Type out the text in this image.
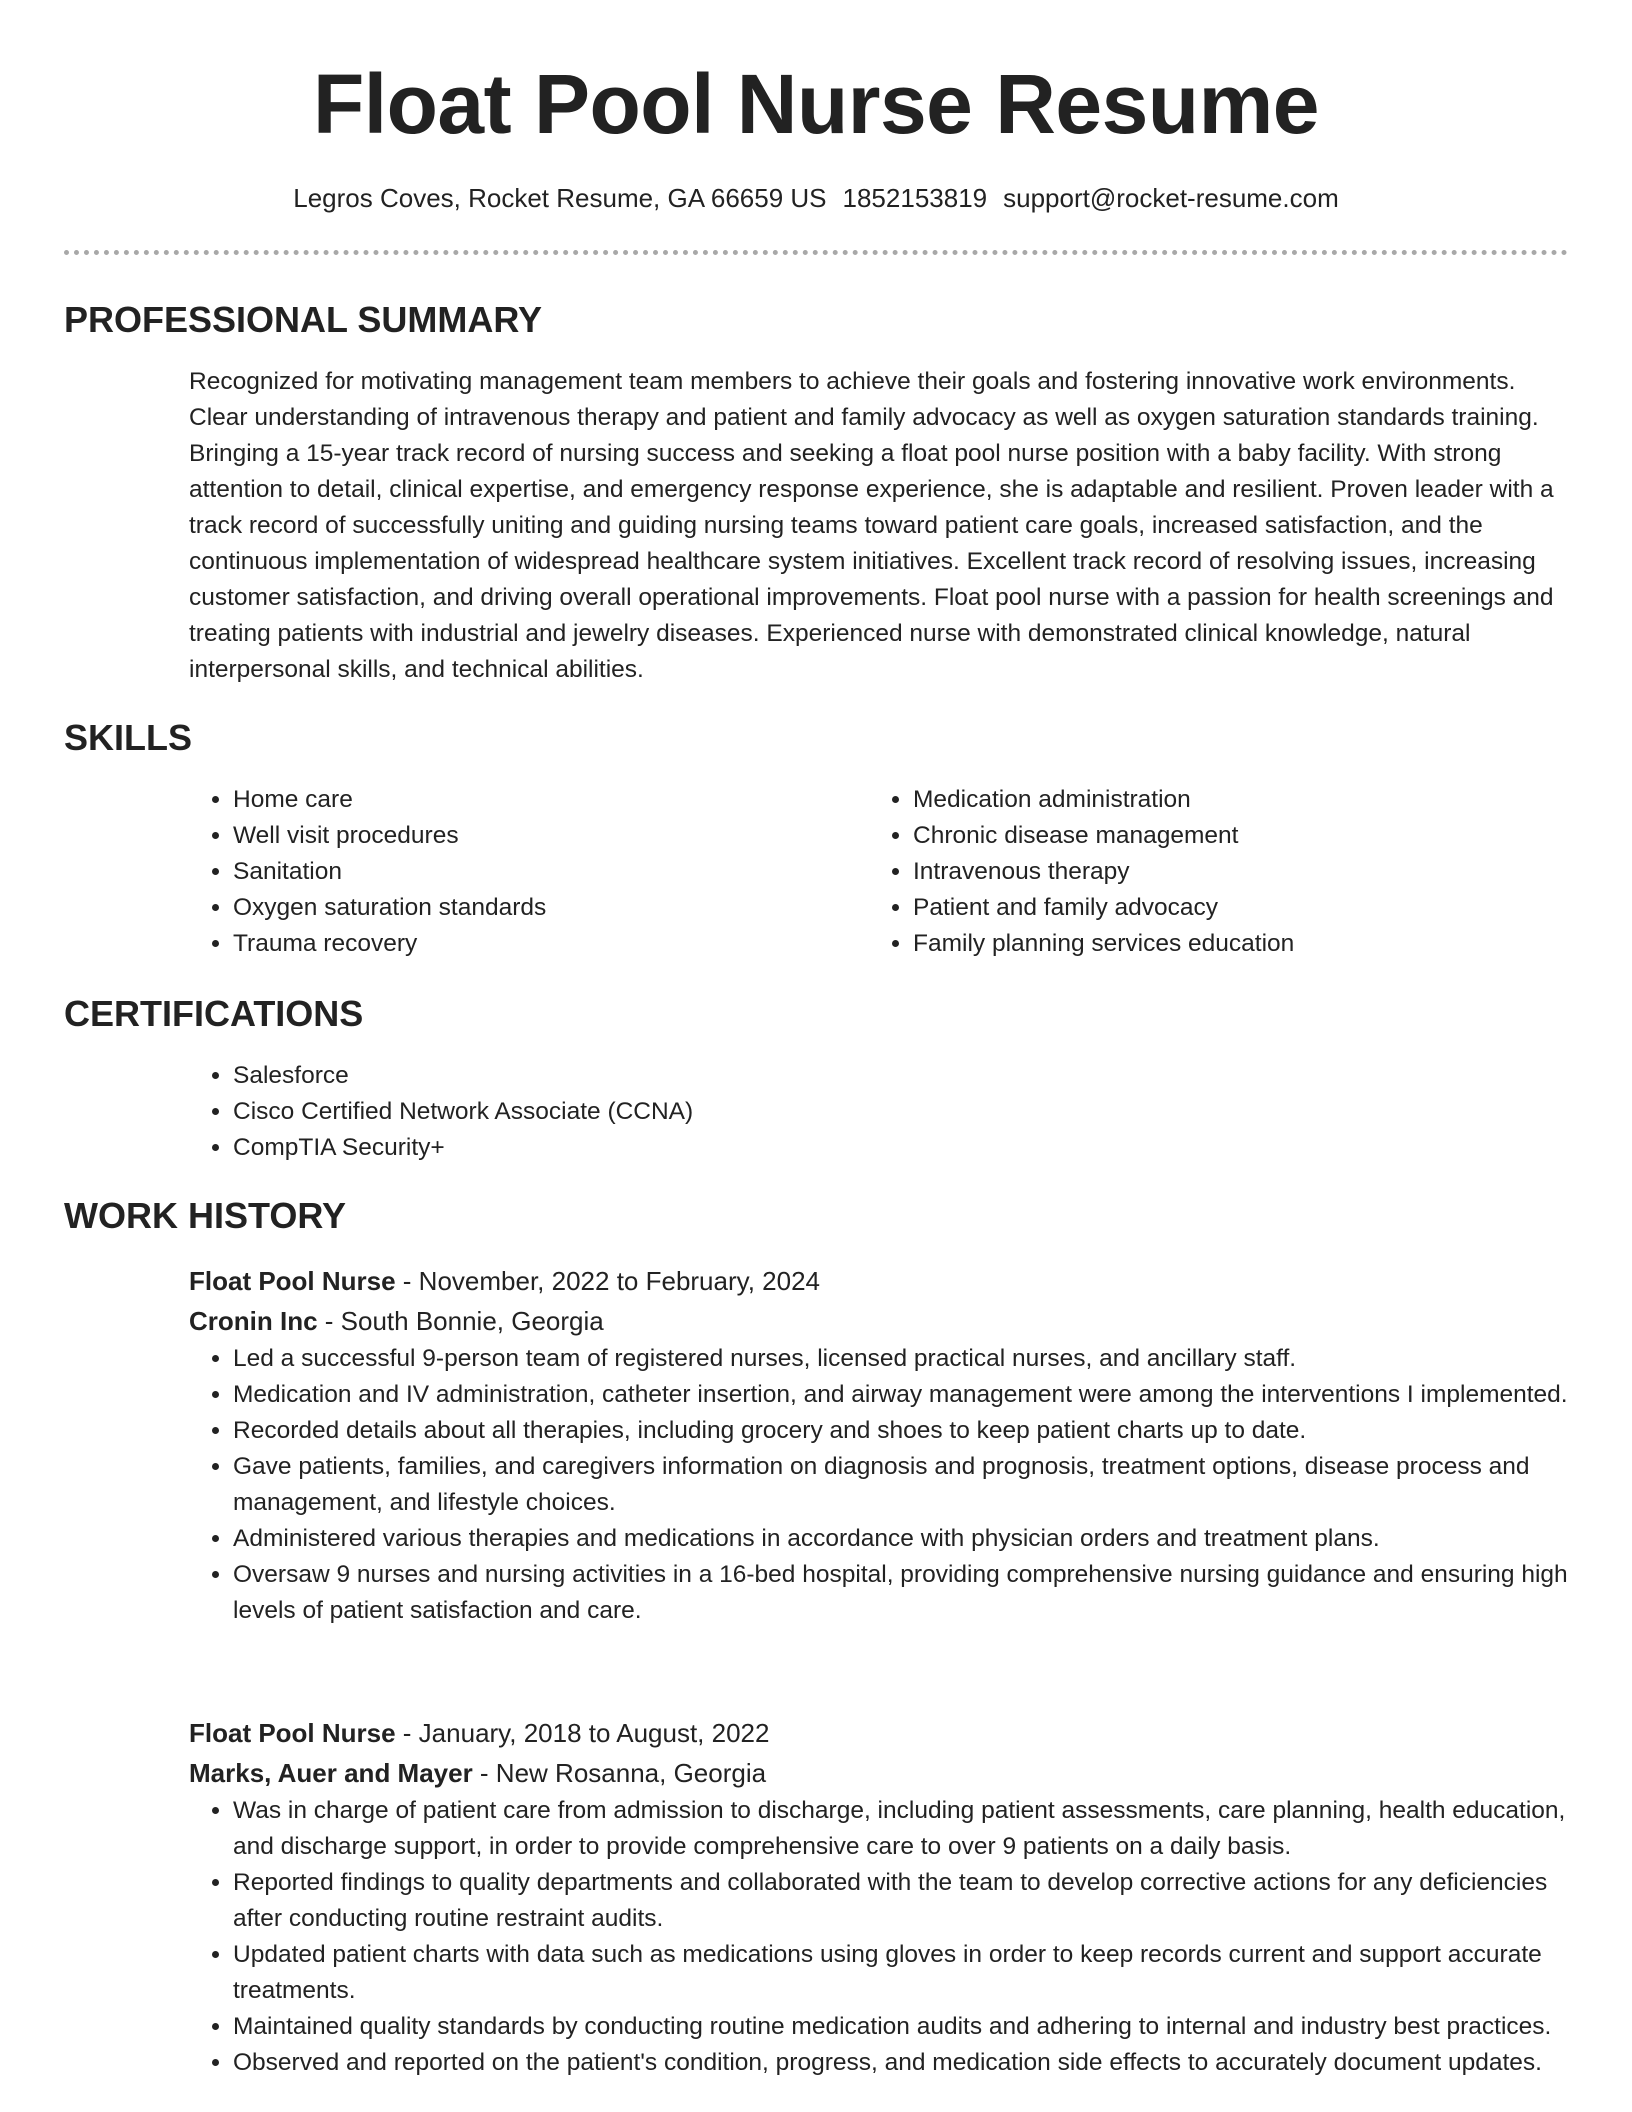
Float Pool Nurse Resume
Legros Coves, Rocket Resume, GA 66659 US 1852153819 support@rocket-resume.com
PROFESSIONAL SUMMARY

Recognized for motivating management team members to achieve their goals and fostering innovative work environments. Clear understanding of intravenous therapy and patient and family advocacy as well as oxygen saturation standards training. Bringing a 15-year track record of nursing success and seeking a float pool nurse position with a baby facility. With strong attention to detail, clinical expertise, and emergency response experience, she is adaptable and resilient. Proven leader with a track record of successfully uniting and guiding nursing teams toward patient care goals, increased satisfaction, and the continuous implementation of widespread healthcare system initiatives. Excellent track record of resolving issues, increasing customer satisfaction, and driving overall operational improvements. Float pool nurse with a passion for health screenings and treating patients with industrial and jewelry diseases. Experienced nurse with demonstrated clinical knowledge, natural interpersonal skills, and technical abilities.

SKILLS
• Home care
• Well visit procedures
• Sanitation
• Oxygen saturation standards
• Trauma recovery
• Medication administration
• Chronic disease management
• Intravenous therapy
• Patient and family advocacy
• Family planning services education
CERTIFICATIONS
• Salesforce
• Cisco Certified Network Associate (CCNA)
• CompTIA Security+
WORK HISTORY
Float Pool Nurse - November, 2022 to February, 2024
Cronin Inc - South Bonnie, Georgia
• Led a successful 9-person team of registered nurses, licensed practical nurses, and ancillary staff.
• Medication and IV administration, catheter insertion, and airway management were among the interventions I implemented.
• Recorded details about all therapies, including grocery and shoes to keep patient charts up to date.
• Gave patients, families, and caregivers information on diagnosis and prognosis, treatment options, disease process and management, and lifestyle choices.
• Administered various therapies and medications in accordance with physician orders and treatment plans.
• Oversaw 9 nurses and nursing activities in a 16-bed hospital, providing comprehensive nursing guidance and ensuring high levels of patient satisfaction and care.
Float Pool Nurse - January, 2018 to August, 2022
Marks, Auer and Mayer - New Rosanna, Georgia
• Was in charge of patient care from admission to discharge, including patient assessments, care planning, health education, and discharge support, in order to provide comprehensive care to over 9 patients on a daily basis.
• Reported findings to quality departments and collaborated with the team to develop corrective actions for any deficiencies after conducting routine restraint audits.
• Updated patient charts with data such as medications using gloves in order to keep records current and support accurate treatments.
• Maintained quality standards by conducting routine medication audits and adhering to internal and industry best practices.
• Observed and reported on the patient's condition, progress, and medication side effects to accurately document updates.
